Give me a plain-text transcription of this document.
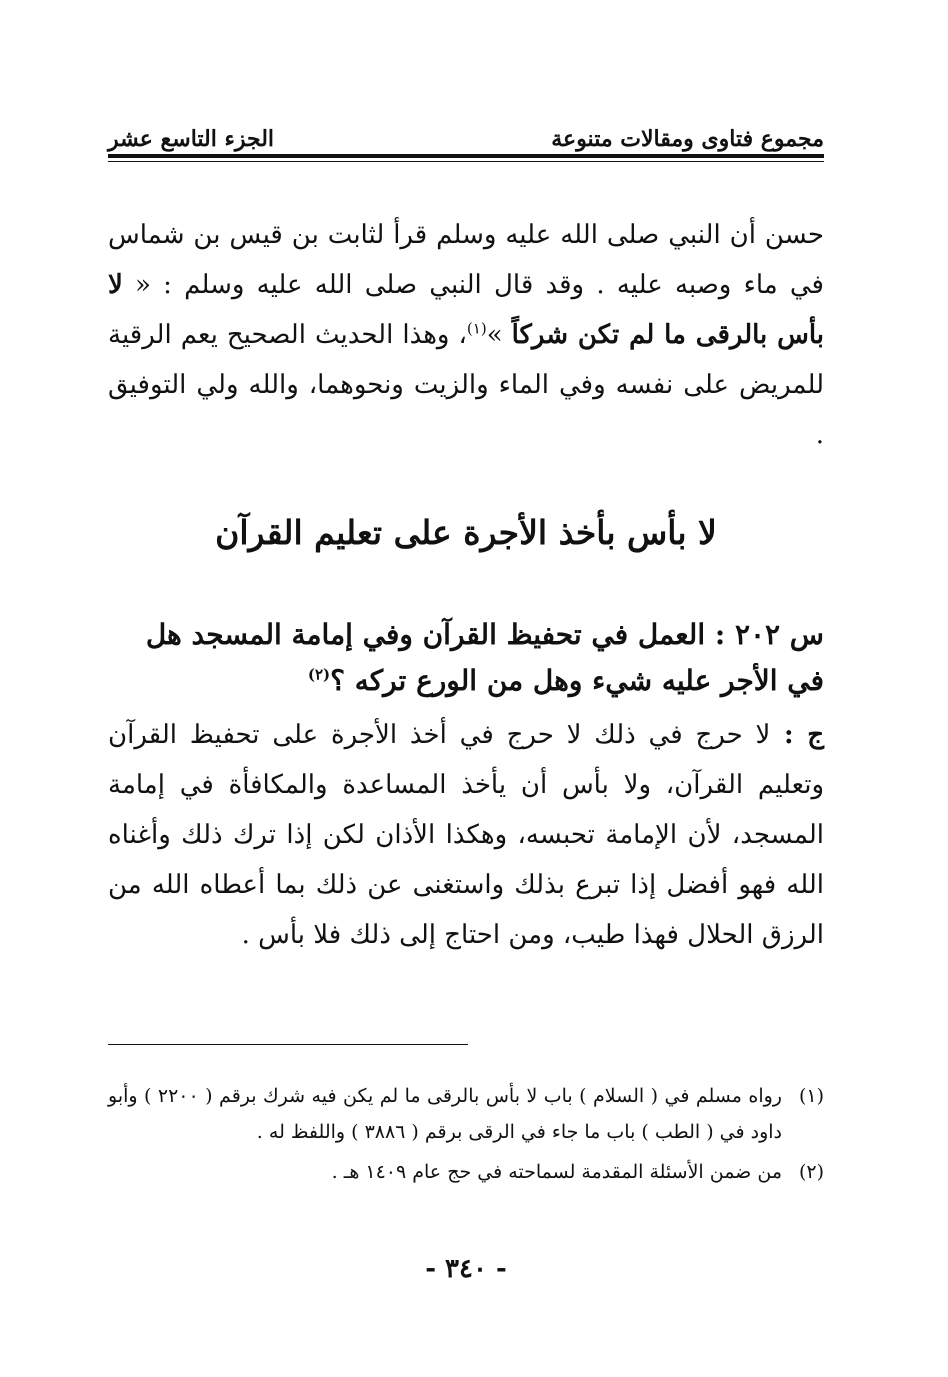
مجموع فتاوى ومقالات متنوعة
الجزء التاسع عشر
حسن أن النبي صلى الله عليه وسلم قرأ لثابت بن قيس بن شماس في ماء وصبه عليه . وقد قال النبي صلى الله عليه وسلم : « لا بأس بالرقى ما لم تكن شركاً »$^{(١)}$، وهذا الحديث الصحيح يعم الرقية للمريض على نفسه وفي الماء والزيت ونحوهما، والله ولي التوفيق .
لا بأس بأخذ الأجرة على تعليم القرآن
س ٢٠٢ : العمل في تحفيظ القرآن وفي إمامة المسجد هل في الأجر عليه شيء وهل من الورع تركه ؟$^{(٢)}$
ج : لا حرج في ذلك لا حرج في أخذ الأجرة على تحفيظ القرآن وتعليم القرآن، ولا بأس أن يأخذ المساعدة والمكافأة في إمامة المسجد، لأن الإمامة تحبسه، وهكذا الأذان لكن إذا ترك ذلك وأغناه الله فهو أفضل إذا تبرع بذلك واستغنى عن ذلك بما أعطاه الله من الرزق الحلال فهذا طيب، ومن احتاج إلى ذلك فلا بأس .
(١)
رواه مسلم في ( السلام ) باب لا بأس بالرقى ما لم يكن فيه شرك برقم ( ٢٢٠٠ ) وأبو داود في ( الطب ) باب ما جاء في الرقى برقم ( ٣٨٨٦ ) واللفظ له .
(٢)
من ضمن الأسئلة المقدمة لسماحته في حج عام ١٤٠٩ هـ .
- ٣٤٠ -
